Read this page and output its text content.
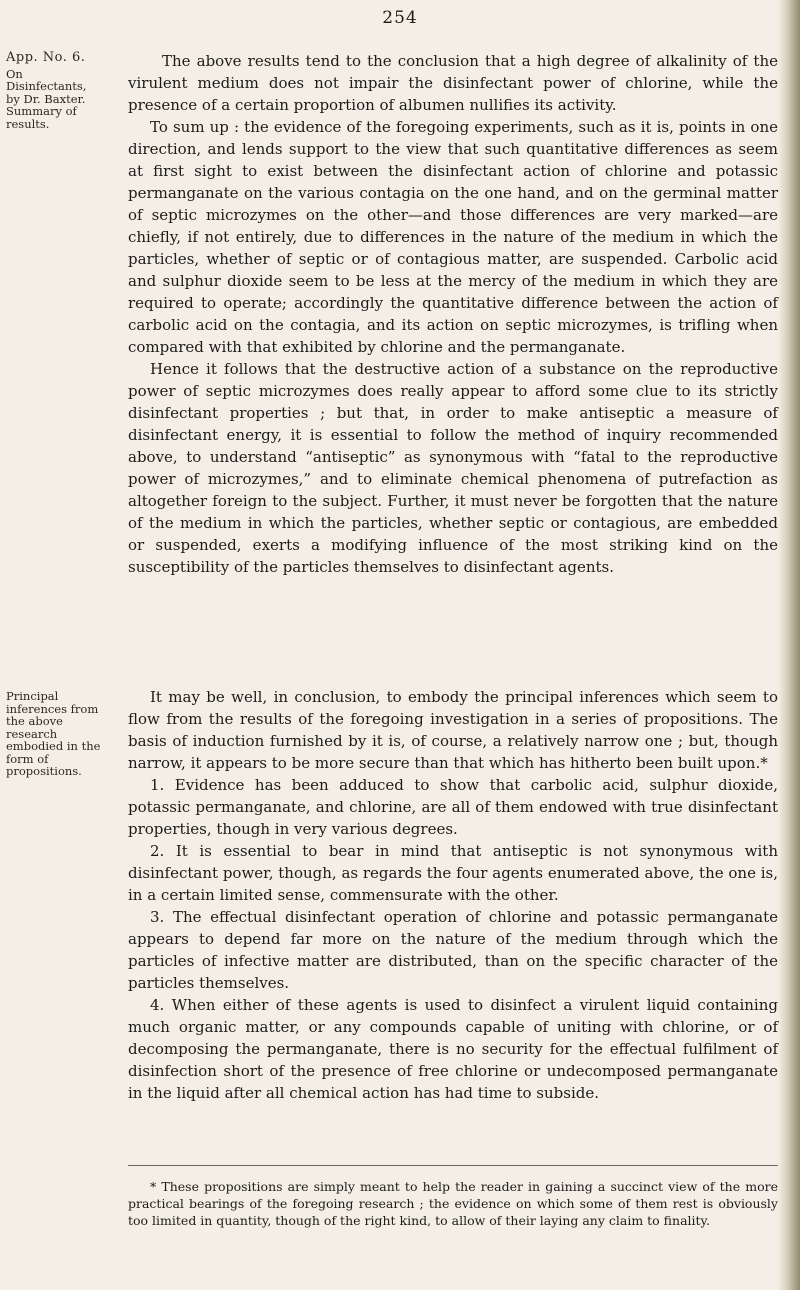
254
App. No. 6.
On Disinfectants, by Dr. Baxter. Summary of results.
Principal inferences from the above research embodied in the form of propositions.

The above results tend to the conclusion that a high degree of alkalinity of the virulent medium does not impair the disinfectant power of chlorine, while the presence of a certain proportion of albumen nullifies its activity.

To sum up : the evidence of the foregoing experiments, such as it is, points in one direction, and lends support to the view that such quantitative differences as seem at first sight to exist between the disinfectant action of chlorine and potassic permanganate on the various contagia on the one hand, and on the germinal matter of septic microzymes on the other—and those differences are very marked—are chiefly, if not entirely, due to differences in the nature of the medium in which the particles, whether of septic or of contagious matter, are suspended. Carbolic acid and sulphur dioxide seem to be less at the mercy of the medium in which they are required to operate; accordingly the quantitative difference between the action of carbolic acid on the contagia, and its action on septic microzymes, is trifling when compared with that exhibited by chlorine and the permanganate.

Hence it follows that the destructive action of a substance on the reproductive power of septic microzymes does really appear to afford some clue to its strictly disinfectant properties ; but that, in order to make antiseptic a measure of disinfectant energy, it is essential to follow the method of inquiry recommended above, to understand “antiseptic” as synonymous with “fatal to the reproductive power of microzymes,” and to eliminate chemical phenomena of putrefaction as altogether foreign to the subject. Further, it must never be forgotten that the nature of the medium in which the particles, whether septic or contagious, are embedded or suspended, exerts a modifying influence of the most striking kind on the susceptibility of the particles themselves to disinfectant agents.

It may be well, in conclusion, to embody the principal inferences which seem to flow from the results of the foregoing investigation in a series of propositions. The basis of induction furnished by it is, of course, a relatively narrow one ; but, though narrow, it appears to be more secure than that which has hitherto been built upon.*

1. Evidence has been adduced to show that carbolic acid, sulphur dioxide, potassic permanganate, and chlorine, are all of them endowed with true disinfectant properties, though in very various degrees.

2. It is essential to bear in mind that antiseptic is not synonymous with disinfectant power, though, as regards the four agents enumerated above, the one is, in a certain limited sense, commensurate with the other.

3. The effectual disinfectant operation of chlorine and potassic permanganate appears to depend far more on the nature of the medium through which the particles of infective matter are distributed, than on the specific character of the particles themselves.

4. When either of these agents is used to disinfect a virulent liquid containing much organic matter, or any compounds capable of uniting with chlorine, or of decomposing the permanganate, there is no security for the effectual fulfilment of disinfection short of the presence of free chlorine or undecomposed permanganate in the liquid after all chemical action has had time to subside.

* These propositions are simply meant to help the reader in gaining a succinct view of the more practical bearings of the foregoing research ; the evidence on which some of them rest is obviously too limited in quantity, though of the right kind, to allow of their laying any claim to finality.
